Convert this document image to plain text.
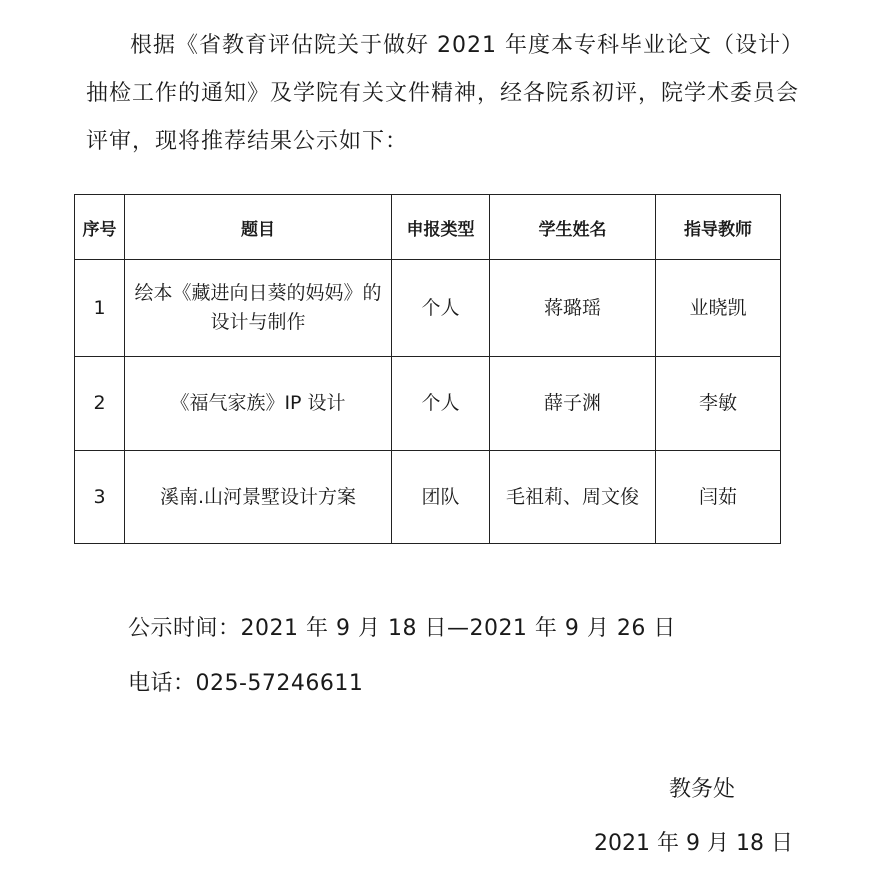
根据《省教育评估院关于做好 2021 年度本专科毕业论文（设计）抽检工作的通知》及学院有关文件精神，经各院系初评，院学术委员会评审，现将推荐结果公示如下：

序号	题目	申报类型	学生姓名	指导教师
1	绘本《藏进向日葵的妈妈》的设计与制作	个人	蒋璐瑶	业晓凯
2	《福气家族》IP 设计	个人	薛子渊	李敏
3	溪南.山河景墅设计方案	团队	毛祖莉、周文俊	闫茹

公示时间：2021 年 9 月 18 日—2021 年 9 月 26 日

电话：025-57246611

教务处

2021 年 9 月 18 日
